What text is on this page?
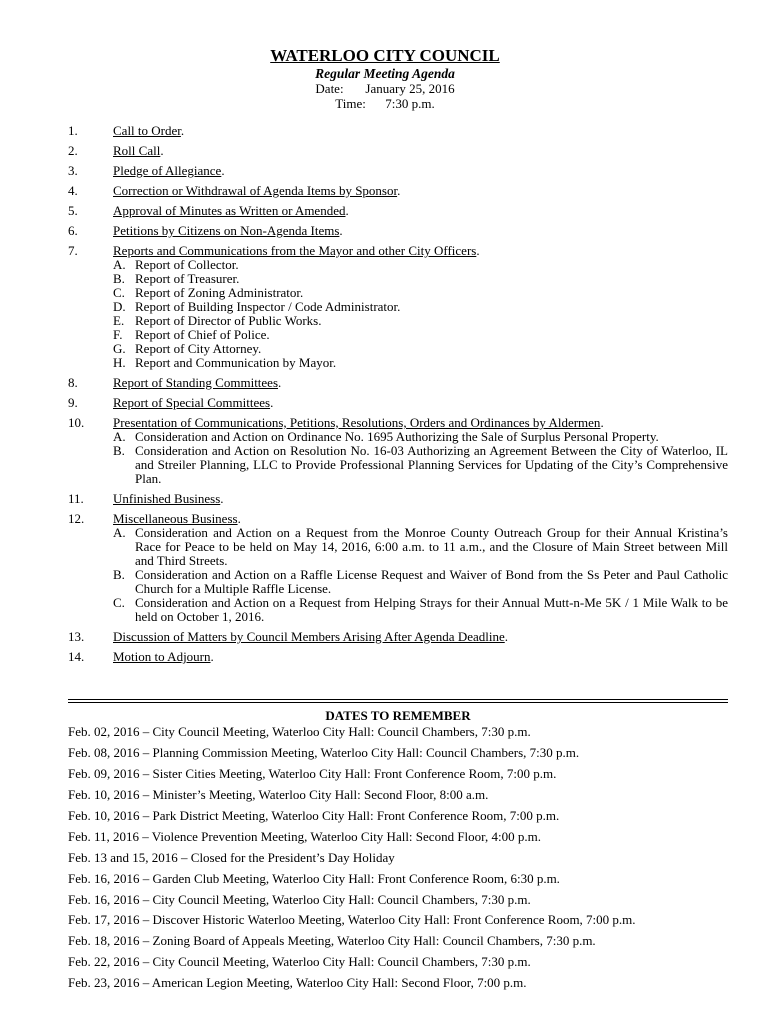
WATERLOO CITY COUNCIL
Regular Meeting Agenda
Date: January 25, 2016
Time: 7:30 p.m.
1.	Call to Order.
2.	Roll Call.
3.	Pledge of Allegiance.
4.	Correction or Withdrawal of Agenda Items by Sponsor.
5.	Approval of Minutes as Written or Amended.
6.	Petitions by Citizens on Non-Agenda Items.
7.	Reports and Communications from the Mayor and other City Officers.
A. Report of Collector.
B. Report of Treasurer.
C. Report of Zoning Administrator.
D. Report of Building Inspector / Code Administrator.
E. Report of Director of Public Works.
F. Report of Chief of Police.
G. Report of City Attorney.
H. Report and Communication by Mayor.
8.	Report of Standing Committees.
9.	Report of Special Committees.
10. Presentation of Communications, Petitions, Resolutions, Orders and Ordinances by Aldermen.
A. Consideration and Action on Ordinance No. 1695 Authorizing the Sale of Surplus Personal Property.
B. Consideration and Action on Resolution No. 16-03 Authorizing an Agreement Between the City of Waterloo, IL and Streiler Planning, LLC to Provide Professional Planning Services for Updating of the City’s Comprehensive Plan.
11. Unfinished Business.
12. Miscellaneous Business.
A. Consideration and Action on a Request from the Monroe County Outreach Group for their Annual Kristina’s Race for Peace to be held on May 14, 2016, 6:00 a.m. to 11 a.m., and the Closure of Main Street between Mill and Third Streets.
B. Consideration and Action on a Raffle License Request and Waiver of Bond from the Ss Peter and Paul Catholic Church for a Multiple Raffle License.
C. Consideration and Action on a Request from Helping Strays for their Annual Mutt-n-Me 5K / 1 Mile Walk to be held on October 1, 2016.
13. Discussion of Matters by Council Members Arising After Agenda Deadline.
14. Motion to Adjourn.
DATES TO REMEMBER
Feb. 02, 2016 – City Council Meeting, Waterloo City Hall: Council Chambers, 7:30 p.m.
Feb. 08, 2016 – Planning Commission Meeting, Waterloo City Hall: Council Chambers, 7:30 p.m.
Feb. 09, 2016 – Sister Cities Meeting, Waterloo City Hall: Front Conference Room, 7:00 p.m.
Feb. 10, 2016 – Minister’s Meeting, Waterloo City Hall: Second Floor, 8:00 a.m.
Feb. 10, 2016 – Park District Meeting, Waterloo City Hall: Front Conference Room, 7:00 p.m.
Feb. 11, 2016 – Violence Prevention Meeting, Waterloo City Hall: Second Floor, 4:00 p.m.
Feb. 13 and 15, 2016 – Closed for the President’s Day Holiday
Feb. 16, 2016 – Garden Club Meeting, Waterloo City Hall: Front Conference Room, 6:30 p.m.
Feb. 16, 2016 – City Council Meeting, Waterloo City Hall: Council Chambers, 7:30 p.m.
Feb. 17, 2016 – Discover Historic Waterloo Meeting, Waterloo City Hall: Front Conference Room, 7:00 p.m.
Feb. 18, 2016 – Zoning Board of Appeals Meeting, Waterloo City Hall: Council Chambers, 7:30 p.m.
Feb. 22, 2016 – City Council Meeting, Waterloo City Hall: Council Chambers, 7:30 p.m.
Feb. 23, 2016 – American Legion Meeting, Waterloo City Hall: Second Floor, 7:00 p.m.
